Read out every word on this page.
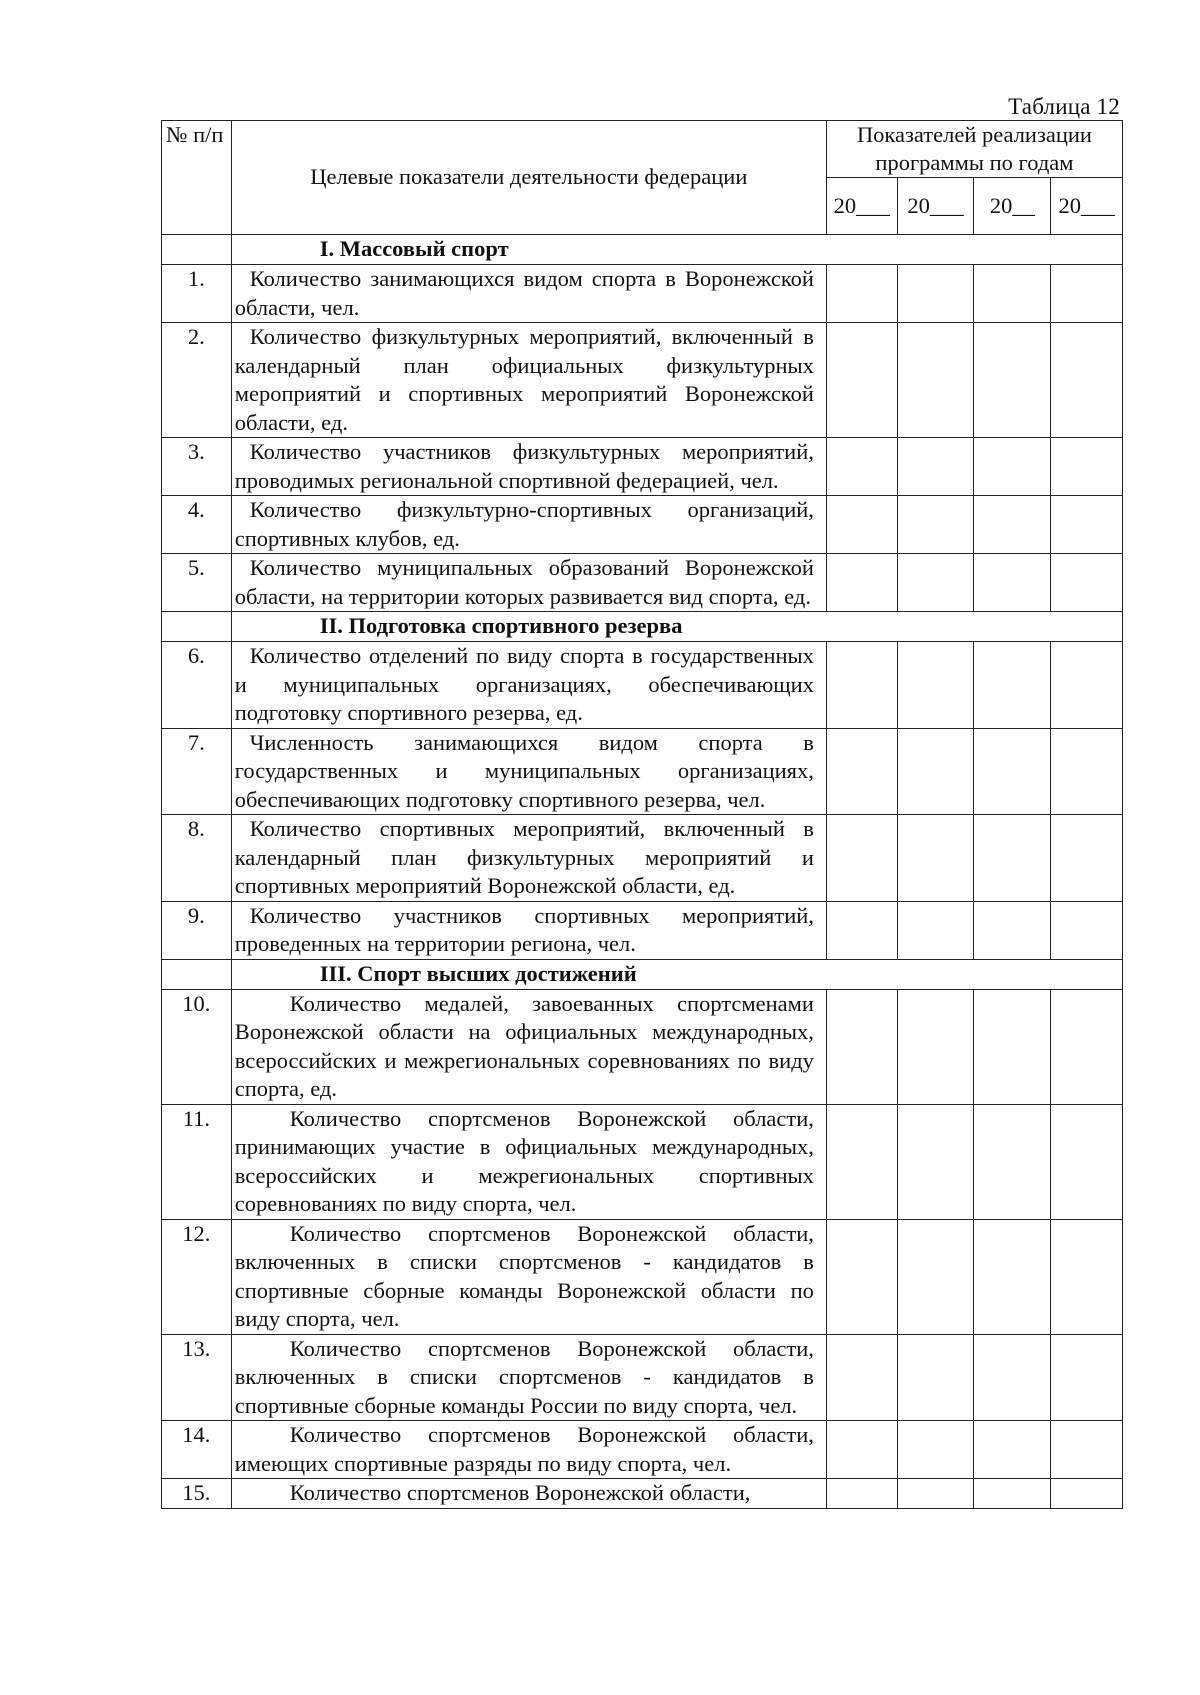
Таблица 12
№ п/п	Целевые показатели деятельности федерации	Показателей реализации программы по годам			
		20___	20___	20__	20___
	I. Массовый спорт				
1.	Количество занимающихся видом спорта в Воронежской области, чел.				
2.	Количество физкультурных мероприятий, включенный в календарный план официальных физкультурных мероприятий и спортивных мероприятий Воронежской области, ед.				
3.	Количество участников физкультурных мероприятий, проводимых региональной спортивной федерацией, чел.				
4.	Количество физкультурно-спортивных организаций, спортивных клубов, ед.				
5.	Количество муниципальных образований Воронежской области, на территории которых развивается вид спорта, ед.				
	II. Подготовка спортивного резерва				
6.	Количество отделений по виду спорта в государственных и муниципальных организациях, обеспечивающих подготовку спортивного резерва, ед.				
7.	Численность занимающихся видом спорта в государственных и муниципальных организациях, обеспечивающих подготовку спортивного резерва, чел.				
8.	Количество спортивных мероприятий, включенный в календарный план физкультурных мероприятий и спортивных мероприятий Воронежской области, ед.				
9.	Количество участников спортивных мероприятий, проведенных на территории региона, чел.				
	III. Спорт высших достижений				
10.	Количество медалей, завоеванных спортсменами Воронежской области на официальных международных, всероссийских и межрегиональных соревнованиях по виду спорта, ед.				
11.	Количество спортсменов Воронежской области, принимающих участие в официальных международных, всероссийских и межрегиональных спортивных соревнованиях по виду спорта, чел.				
12.	Количество спортсменов Воронежской области, включенных в списки спортсменов - кандидатов в спортивные сборные команды Воронежской области по виду спорта, чел.				
13.	Количество спортсменов Воронежской области, включенных в списки спортсменов - кандидатов в спортивные сборные команды России по виду спорта, чел.				
14.	Количество спортсменов Воронежской области, имеющих спортивные разряды по виду спорта, чел.				
15.	Количество спортсменов Воронежской области,				
